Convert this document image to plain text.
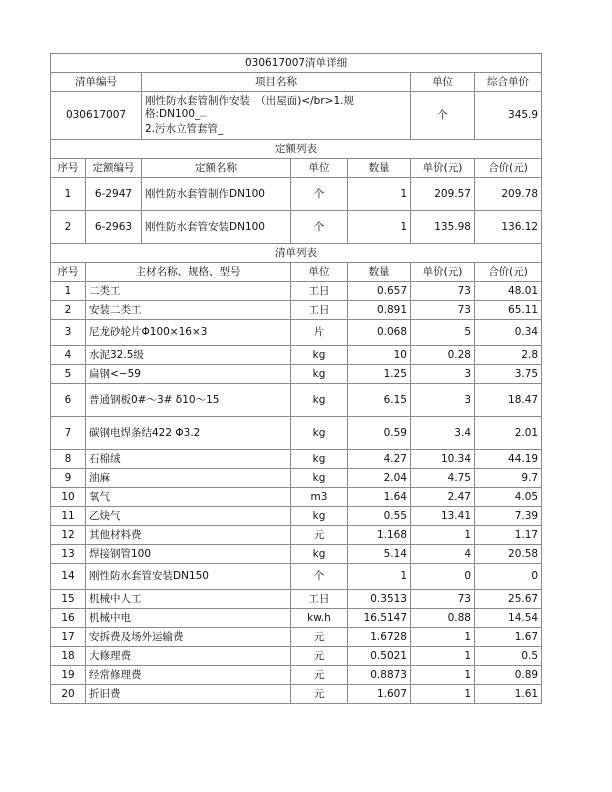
030617007清单详细						
清单编号		项目名称			单位	综合单价
030617007		刚性防水套管制作安装　（出屋面)</br>1.规
格:DN100_ₘₘ
2.污水立管套管_			个	345.9
定额列表						
序号	定额编号	定额名称	单位	数量	单价(元)	合价(元)
1	6-2947	刚性防水套管制作DN100	个	1	209.57	209.78
2	6-2963	刚性防水套管安装DN100	个	1	135.98	136.12
清单列表						
序号	主材名称、规格、型号		单位	数量	单价(元)	合价(元)
1	二类工		工日	0.657	73	48.01
2	安装二类工		工日	0.891	73	65.11
3	尼龙砂轮片Φ100×16×3		片	0.068	5	0.34
4	水泥32.5级		kg	10	0.28	2.8
5	扁钢<−59		kg	1.25	3	3.75
6	普通钢板0#～3# δ10～15		kg	6.15	3	18.47
7	碳钢电焊条结422 Φ3.2		kg	0.59	3.4	2.01
8	石棉绒		kg	4.27	10.34	44.19
9	油麻		kg	2.04	4.75	9.7
10	氧气		m3	1.64	2.47	4.05
11	乙炔气		kg	0.55	13.41	7.39
12	其他材料费		元	1.168	1	1.17
13	焊接钢管100		kg	5.14	4	20.58
14	刚性防水套管安装DN150		个	1	0	0
15	机械中人工		工日	0.3513	73	25.67
16	机械中电		kw.h	16.5147	0.88	14.54
17	安拆费及场外运输费		元	1.6728	1	1.67
18	大修理费		元	0.5021	1	0.5
19	经常修理费		元	0.8873	1	0.89
20	折旧费		元	1.607	1	1.61
